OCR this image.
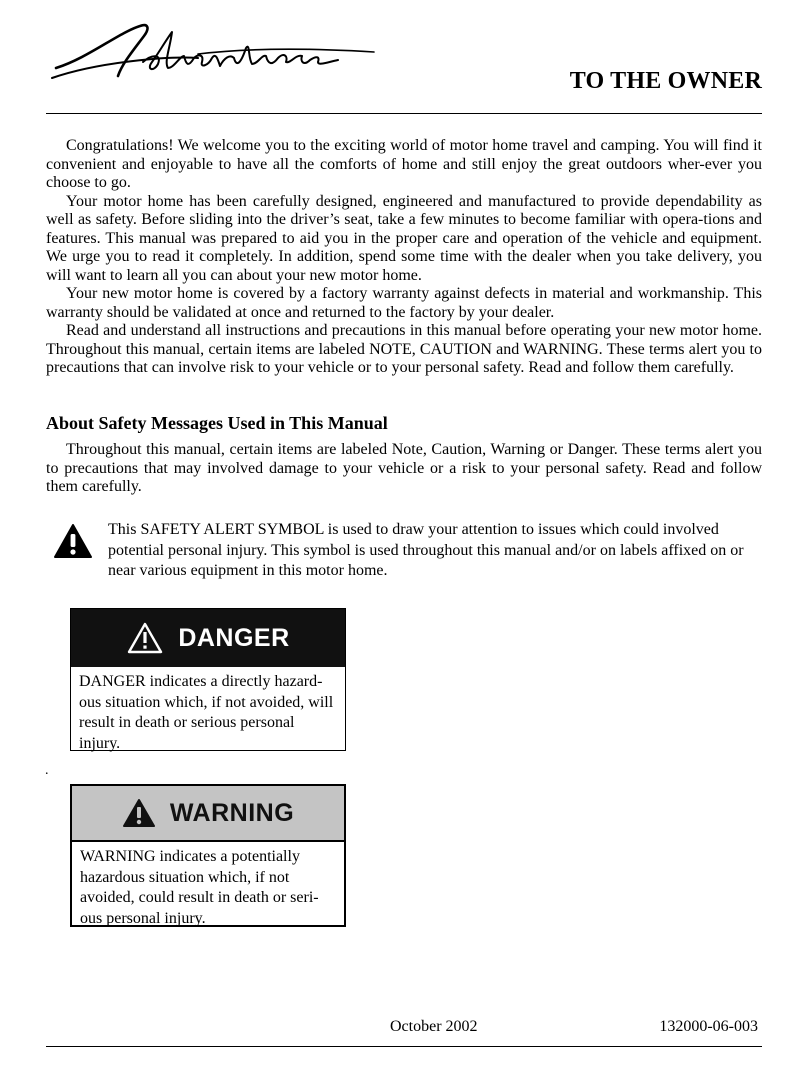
TO THE OWNER

Congratulations! We welcome you to the exciting world of motor home travel and camping. You will find it convenient and enjoyable to have all the comforts of home and still enjoy the great outdoors wher-ever you choose to go.

Your motor home has been carefully designed, engineered and manufactured to provide dependability as well as safety. Before sliding into the driver’s seat, take a few minutes to become familiar with opera-tions and features. This manual was prepared to aid you in the proper care and operation of the vehicle and equipment. We urge you to read it completely. In addition, spend some time with the dealer when you take delivery, you will want to learn all you can about your new motor home.

Your new motor home is covered by a factory warranty against defects in material and workmanship. This warranty should be validated at once and returned to the factory by your dealer.

Read and understand all instructions and precautions in this manual before operating your new motor home. Throughout this manual, certain items are labeled NOTE, CAUTION and WARNING. These terms alert you to precautions that can involve risk to your vehicle or to your personal safety. Read and follow them carefully.

About Safety Messages Used in This Manual

Throughout this manual, certain items are labeled Note, Caution, Warning or Danger. These terms alert you to precautions that may involved damage to your vehicle or a risk to your personal safety. Read and follow them carefully.

This SAFETY ALERT SYMBOL is used to draw your attention to issues which could involved potential personal injury. This symbol is used throughout this manual and/or on labels affixed on or near various equipment in this motor home.

DANGER

DANGER indicates a directly hazard-ous situation which, if not avoided, will result in death or serious personal injury.

.
WARNING

WARNING indicates a potentially hazardous situation which, if not avoided, could result in death or seri-ous personal injury.

October 2002	132000-06-003
